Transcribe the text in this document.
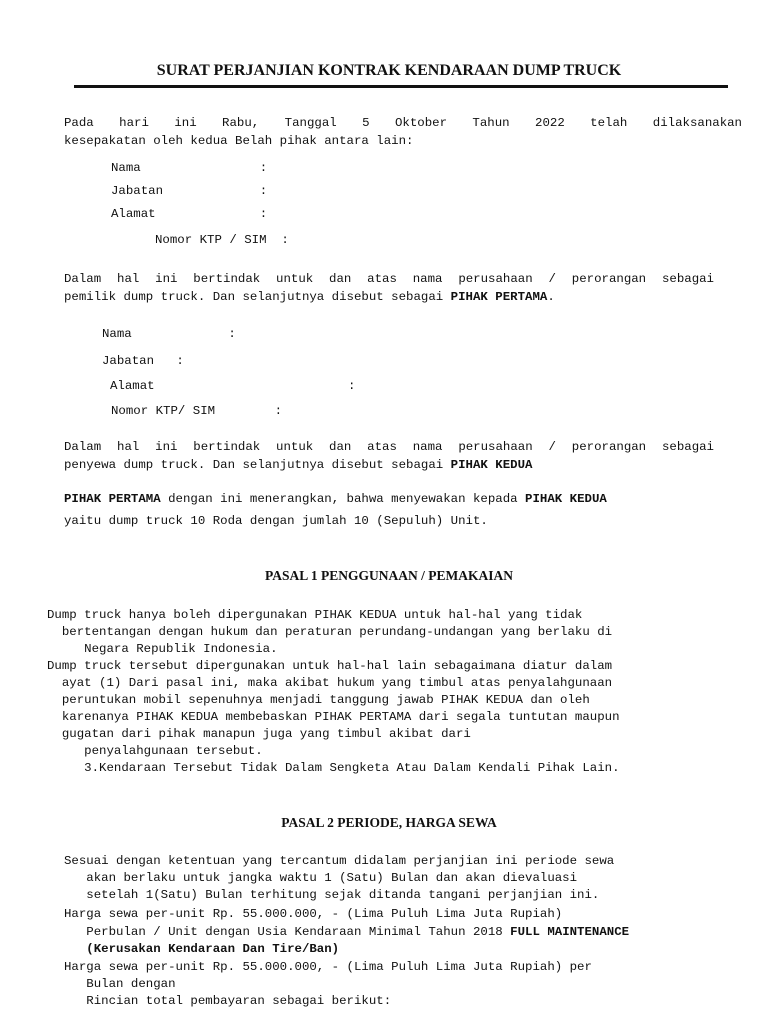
SURAT PERJANJIAN KONTRAK KENDARAAN DUMP TRUCK
Pada hari ini Rabu, Tanggal 5 Oktober Tahun 2022 telah dilaksanakan
kesepakatan oleh kedua Belah pihak antara lain:
Nama                :
Jabatan             :
Alamat              :
Nomor KTP / SIM  :
Dalam hal ini bertindak untuk dan atas nama perusahaan / perorangan sebagai
pemilik dump truck. Dan selanjutnya disebut sebagai PIHAK PERTAMA.
Nama             :
Jabatan   :
Alamat                          :
Nomor KTP/ SIM        :
Dalam hal ini bertindak untuk dan atas nama perusahaan / perorangan sebagai
penyewa dump truck. Dan selanjutnya disebut sebagai PIHAK KEDUA
PIHAK PERTAMA dengan ini menerangkan, bahwa menyewakan kepada PIHAK KEDUA
yaitu dump truck 10 Roda dengan jumlah 10 (Sepuluh) Unit.
PASAL 1 PENGGUNAAN / PEMAKAIAN
Dump truck hanya boleh dipergunakan PIHAK KEDUA untuk hal-hal yang tidak
bertentangan dengan hukum dan peraturan perundang-undangan yang berlaku di
Negara Republik Indonesia.
Dump truck tersebut dipergunakan untuk hal-hal lain sebagaimana diatur dalam
ayat (1) Dari pasal ini, maka akibat hukum yang timbul atas penyalahgunaan
peruntukan mobil sepenuhnya menjadi tanggung jawab PIHAK KEDUA dan oleh
karenanya PIHAK KEDUA membebaskan PIHAK PERTAMA dari segala tuntutan maupun
gugatan dari pihak manapun juga yang timbul akibat dari
penyalahgunaan tersebut.
3.Kendaraan Tersebut Tidak Dalam Sengketa Atau Dalam Kendali Pihak Lain.
PASAL 2 PERIODE, HARGA SEWA
Sesuai dengan ketentuan yang tercantum didalam perjanjian ini periode sewa
akan berlaku untuk jangka waktu 1 (Satu) Bulan dan akan dievaluasi
setelah 1(Satu) Bulan terhitung sejak ditanda tangani perjanjian ini.
Harga sewa per-unit Rp. 55.000.000, - (Lima Puluh Lima Juta Rupiah)
Perbulan / Unit dengan Usia Kendaraan Minimal Tahun 2018 FULL MAINTENANCE
(Kerusakan Kendaraan Dan Tire/Ban)
Harga sewa per-unit Rp. 55.000.000, - (Lima Puluh Lima Juta Rupiah) per
Bulan dengan
Rincian total pembayaran sebagai berikut:
